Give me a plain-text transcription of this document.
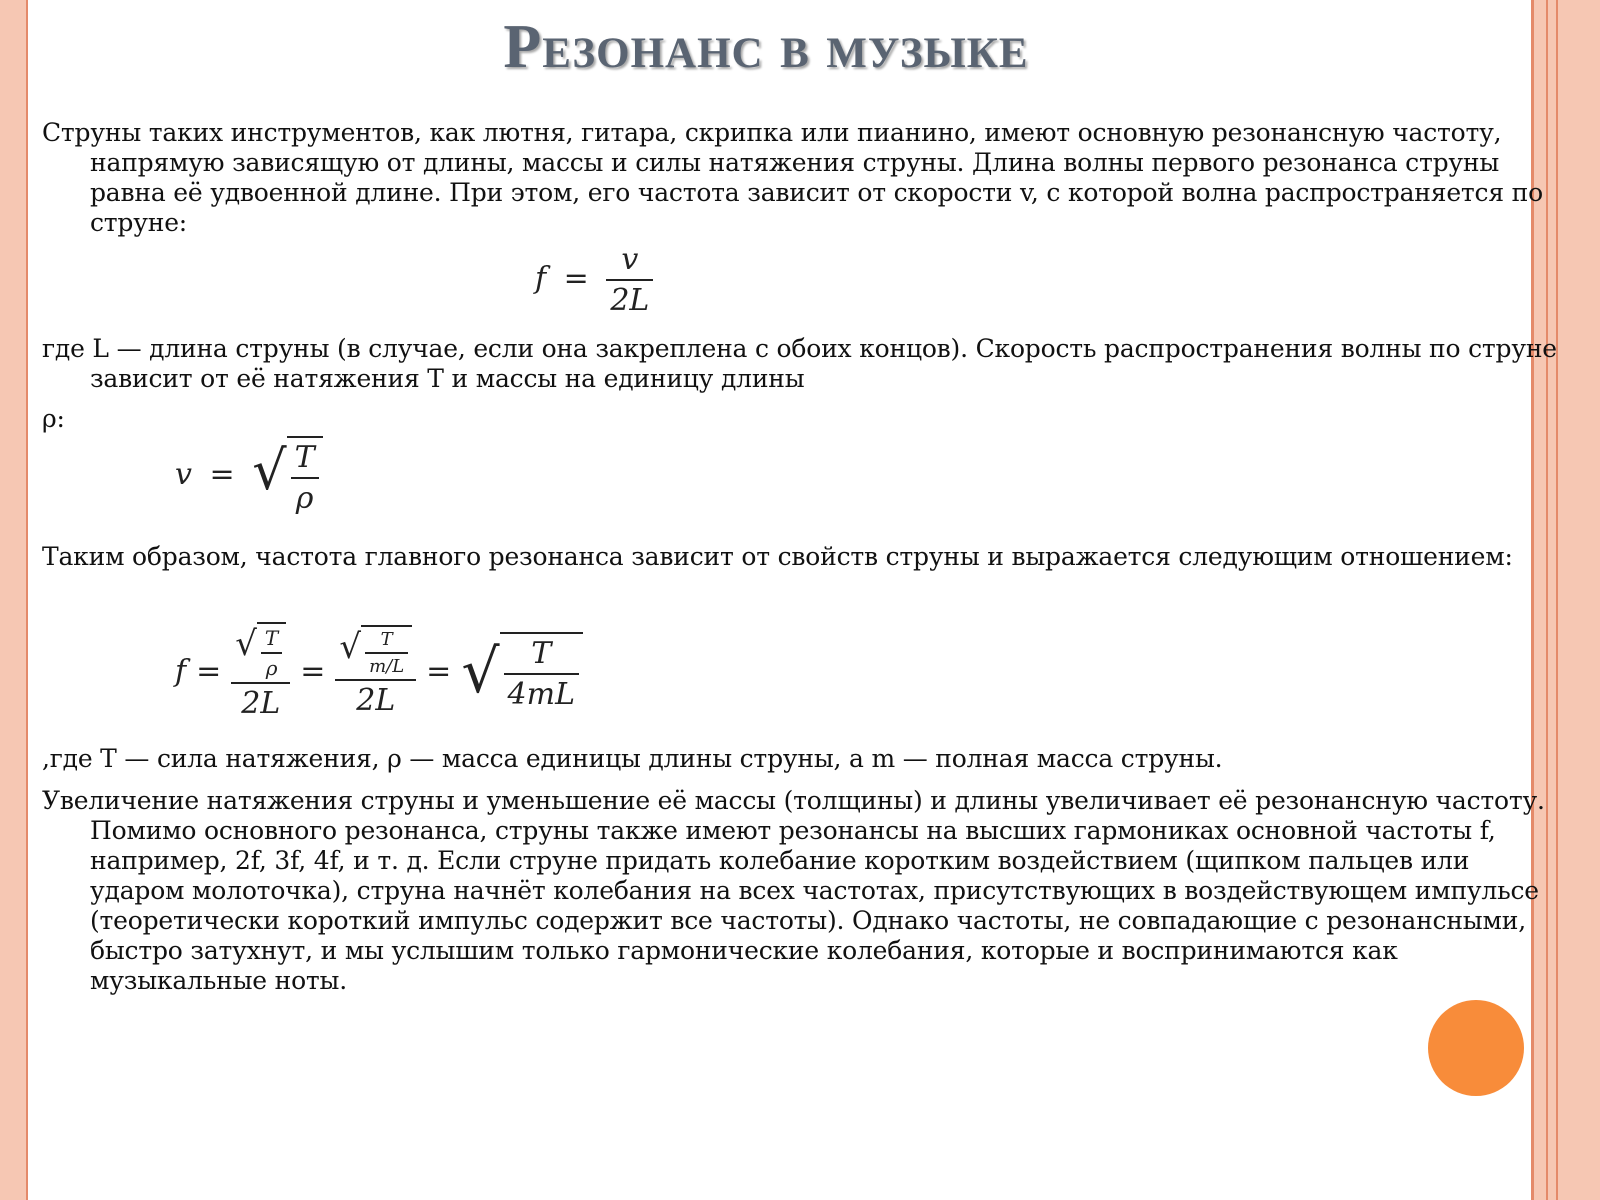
Резонанс в музыке
Струны таких инструментов, как лютня, гитара, скрипка или пианино, имеют основную резонансную частоту, напрямую зависящую от длины, массы и силы натяжения струны. Длина волны первого резонанса струны равна её удвоенной длине. При этом, его частота зависит от скорости v, с которой волна распространяется по струне:
$f = \frac{v}{2L}$
где L — длина струны (в случае, если она закреплена с обоих концов). Скорость распространения волны по струне зависит от её натяжения T и массы на единицу длины
ρ:
v = √ $\frac{T}{\rho}$
Таким образом, частота главного резонанса зависит от свойств струны и выражается следующим отношением:
f =
√ $\frac{T}{\rho}$
2L
=
√ $\frac{T}{m/L}$
2L
= √ $\frac{T}{4mL}$
,где T — сила натяжения, ρ — масса единицы длины струны, а m — полная масса струны.
Увеличение натяжения струны и уменьшение её массы (толщины) и длины увеличивает её резонансную частоту. Помимо основного резонанса, струны также имеют резонансы на высших гармониках основной частоты f, например, 2f, 3f, 4f, и т. д. Если струне придать колебание коротким воздействием (щипком пальцев или ударом молоточка), струна начнёт колебания на всех частотах, присутствующих в воздействующем импульсе (теоретически короткий импульс содержит все частоты). Однако частоты, не совпадающие с резонансными, быстро затухнут, и мы услышим только гармонические колебания, которые и воспринимаются как музыкальные ноты.
